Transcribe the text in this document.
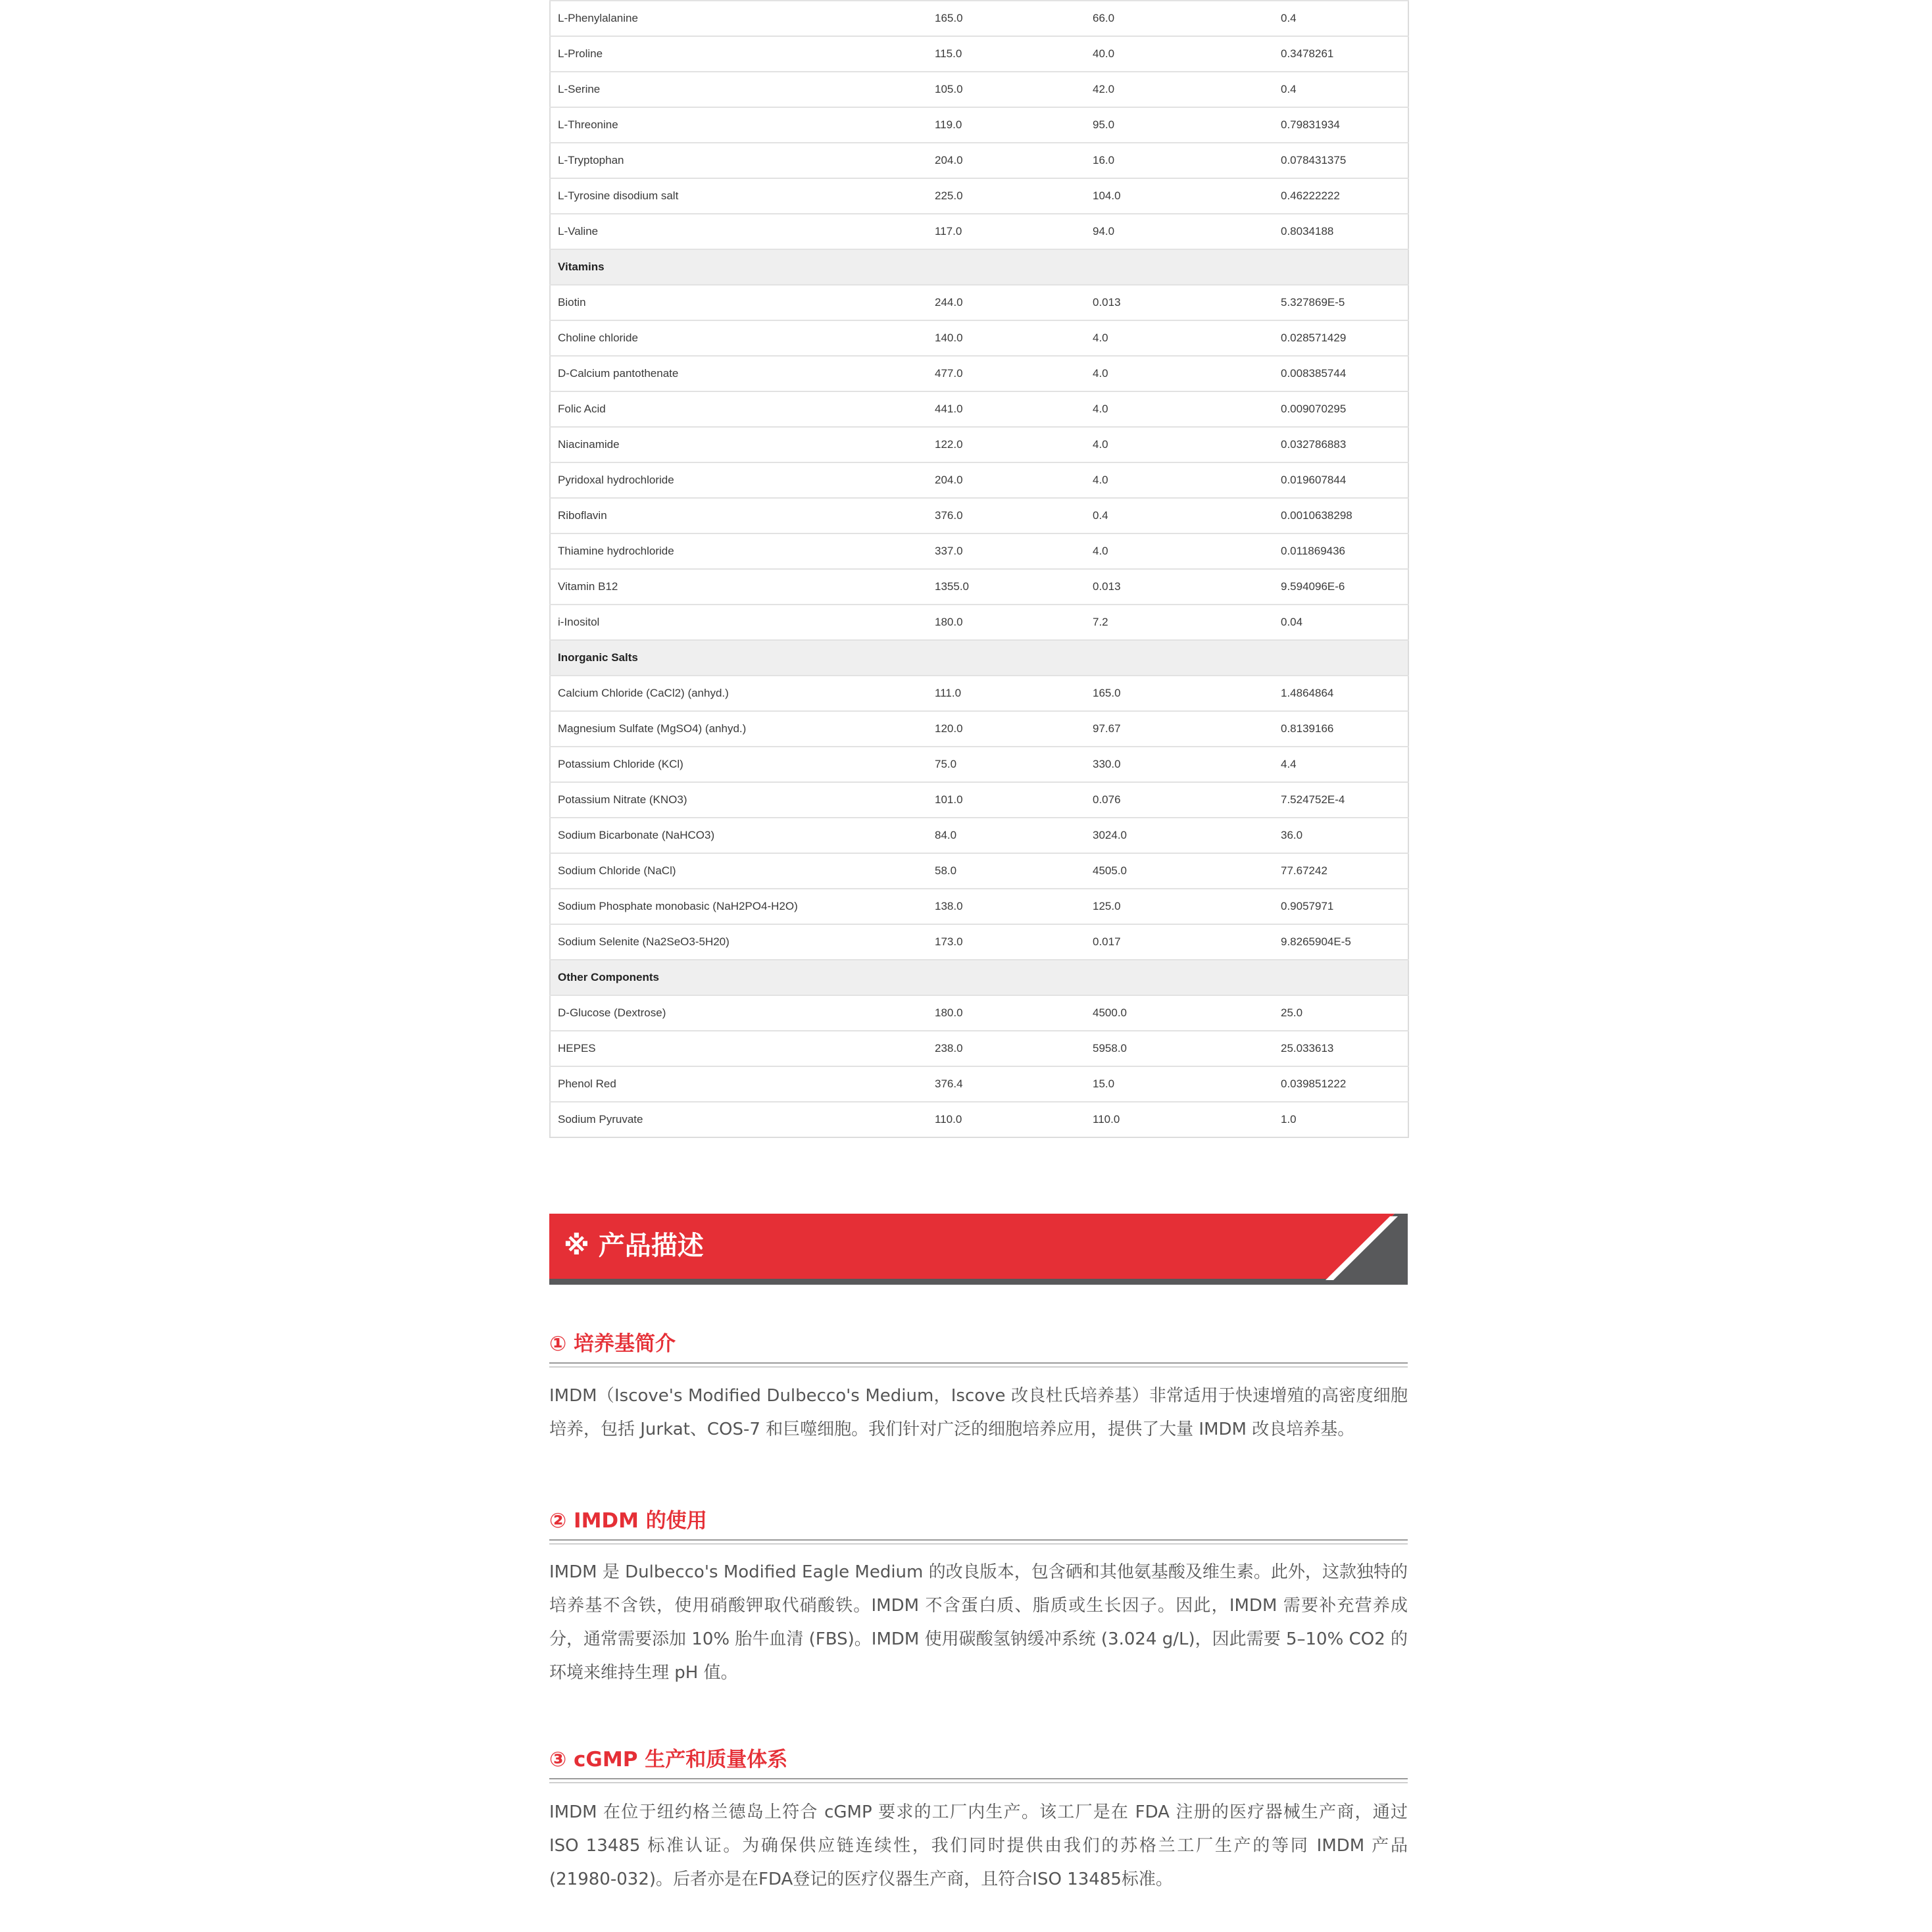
L-Phenylalanine	165.0	66.0	0.4
L-Proline	115.0	40.0	0.3478261
L-Serine	105.0	42.0	0.4
L-Threonine	119.0	95.0	0.79831934
L-Tryptophan	204.0	16.0	0.078431375
L-Tyrosine disodium salt	225.0	104.0	0.46222222
L-Valine	117.0	94.0	0.8034188
Vitamins			
Biotin	244.0	0.013	5.327869E-5
Choline chloride	140.0	4.0	0.028571429
D-Calcium pantothenate	477.0	4.0	0.008385744
Folic Acid	441.0	4.0	0.009070295
Niacinamide	122.0	4.0	0.032786883
Pyridoxal hydrochloride	204.0	4.0	0.019607844
Riboflavin	376.0	0.4	0.0010638298
Thiamine hydrochloride	337.0	4.0	0.011869436
Vitamin B12	1355.0	0.013	9.594096E-6
i-Inositol	180.0	7.2	0.04
Inorganic Salts			
Calcium Chloride (CaCl2) (anhyd.)	111.0	165.0	1.4864864
Magnesium Sulfate (MgSO4) (anhyd.)	120.0	97.67	0.8139166
Potassium Chloride (KCl)	75.0	330.0	4.4
Potassium Nitrate (KNO3)	101.0	0.076	7.524752E-4
Sodium Bicarbonate (NaHCO3)	84.0	3024.0	36.0
Sodium Chloride (NaCl)	58.0	4505.0	77.67242
Sodium Phosphate monobasic (NaH2PO4-H2O)	138.0	125.0	0.9057971
Sodium Selenite (Na2SeO3-5H20)	173.0	0.017	9.8265904E-5
Other Components			
D-Glucose (Dextrose)	180.0	4500.0	25.0
HEPES	238.0	5958.0	25.033613
Phenol Red	376.4	15.0	0.039851222
Sodium Pyruvate	110.0	110.0	1.0
※ 产品描述
① 培养基简介
IMDM（Iscove's Modified Dulbecco's Medium，Iscove 改良杜氏培养基）非常适用于快速增殖的高密度细胞培养，包括 Jurkat、COS-7 和巨噬细胞。我们针对广泛的细胞培养应用，提供了大量 IMDM 改良培养基。
② IMDM 的使用
IMDM 是 Dulbecco's Modified Eagle Medium 的改良版本，包含硒和其他氨基酸及维生素。此外，这款独特的培养基不含铁，使用硝酸钾取代硝酸铁。IMDM 不含蛋白质、脂质或生长因子。因此，IMDM 需要补充营养成分，通常需要添加 10% 胎牛血清 (FBS)。IMDM 使用碳酸氢钠缓冲系统 (3.024 g/L)，因此需要 5–10% CO2 的环境来维持生理 pH 值。
③ cGMP 生产和质量体系
IMDM 在位于纽约格兰德岛上符合 cGMP 要求的工厂内生产。该工厂是在 FDA 注册的医疗器械生产商，通过 ISO 13485 标准认证。为确保供应链连续性，我们同时提供由我们的苏格兰工厂生产的等同 IMDM 产品 (21980-032)。后者亦是在FDA登记的医疗仪器生产商，且符合ISO 13485标准。
